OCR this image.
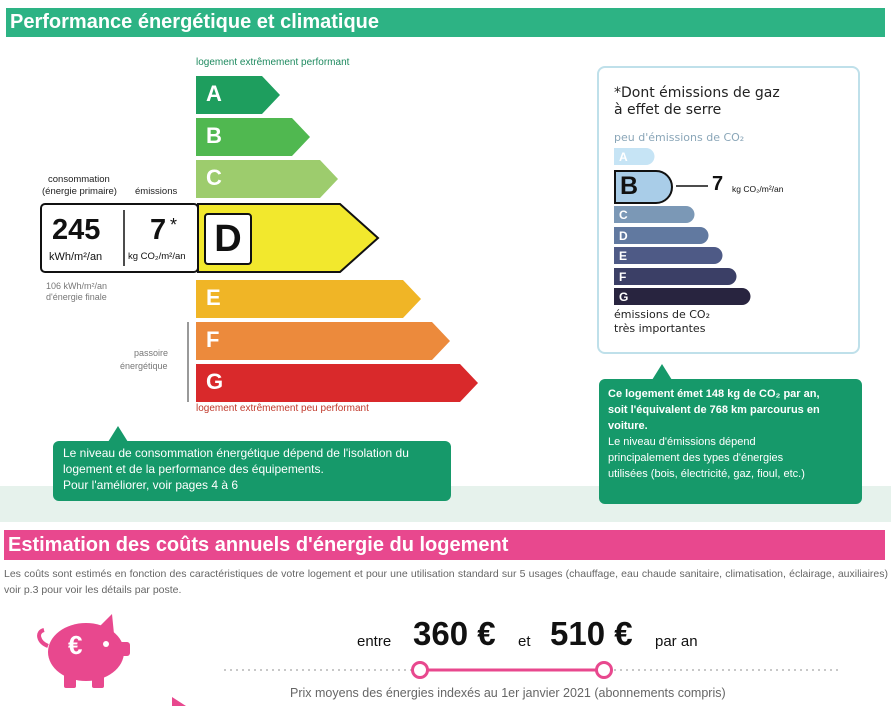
Performance énergétique et climatique
logement extrêmement performant
A
B
C
D
E
F
G
logement extrêmement peu performant
consommation
(énergie primaire) émissions
245
kWh/m²/an
7 *
kg CO₂/m²/an
106 kWh/m²/an
d'énergie finale
passoire
énergétique
Le niveau de consommation énergétique dépend de l'isolation du
logement et de la performance des équipements.
Pour l'améliorer, voir pages 4 à 6
*Dont émissions de gaz
à effet de serre
peu d'émissions de CO₂
A
B
C
D
E
F
G
7 kg CO₂/m²/an
émissions de CO₂
très importantes
Ce logement émet 148 kg de CO₂ par an,
soit l'équivalent de 768 km parcourus en
voiture.
Le niveau d'émissions dépend
principalement des types d'énergies
utilisées (bois, électricité, gaz, fioul, etc.)
Estimation des coûts annuels d'énergie du logement
Les coûts sont estimés en fonction des caractéristiques de votre logement et pour une utilisation standard sur 5 usages (chauffage, eau chaude sanitaire, climatisation, éclairage, auxiliaires) voir p.3 pour voir les détails par poste.
€	entre 360 € et 510 € par an
Prix moyens des énergies indexés au 1er janvier 2021 (abonnements compris)
